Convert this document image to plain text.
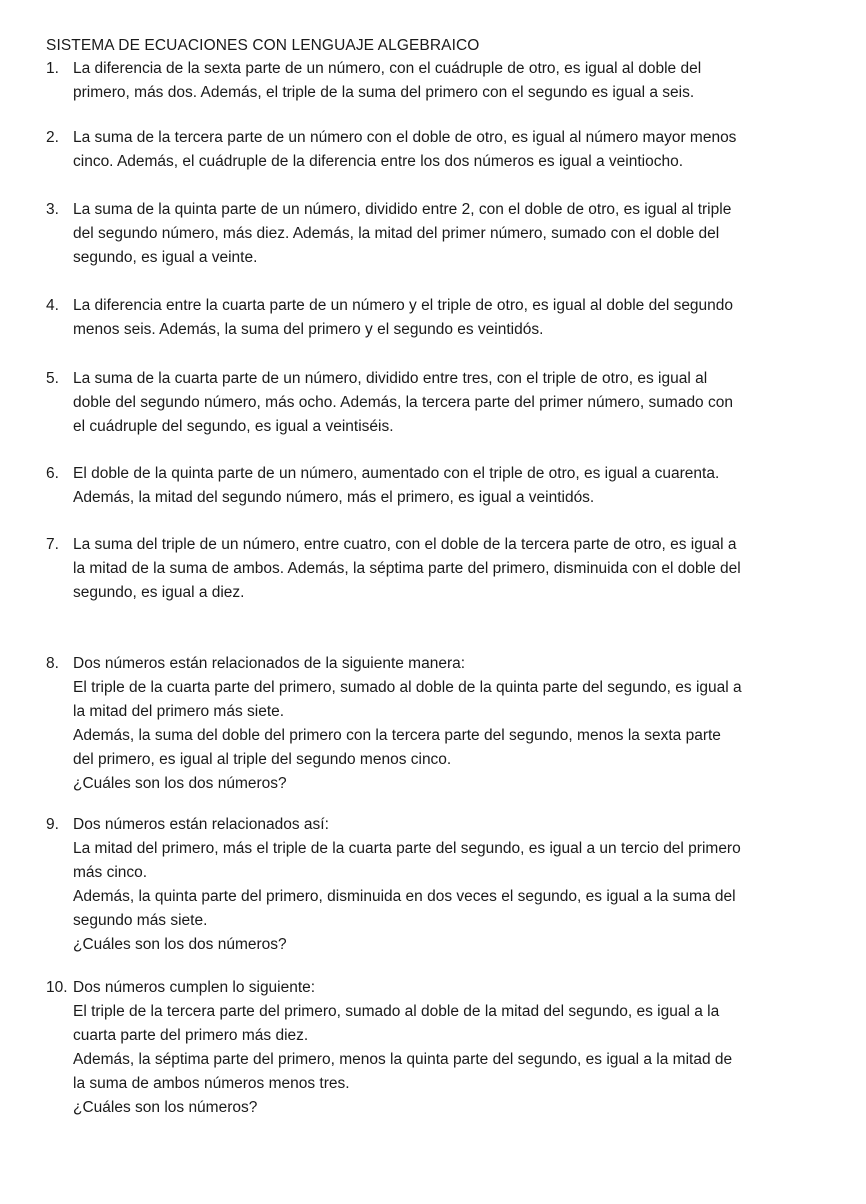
SISTEMA DE ECUACIONES CON LENGUAJE ALGEBRAICO
1. La diferencia de la sexta parte de un número, con el cuádruple de otro, es igual al doble del
primero, más dos. Además, el triple de la suma del primero con el segundo es igual a seis.
2. La suma de la tercera parte de un número con el doble de otro, es igual al número mayor menos
cinco. Además, el cuádruple de la diferencia entre los dos números es igual a veintiocho.
3. La suma de la quinta parte de un número, dividido entre 2, con el doble de otro, es igual al triple
del segundo número, más diez. Además, la mitad del primer número, sumado con el doble del
segundo, es igual a veinte.
4. La diferencia entre la cuarta parte de un número y el triple de otro, es igual al doble del segundo
menos seis. Además, la suma del primero y el segundo es veintidós.
5. La suma de la cuarta parte de un número, dividido entre tres, con el triple de otro, es igual al
doble del segundo número, más ocho. Además, la tercera parte del primer número, sumado con
el cuádruple del segundo, es igual a veintiséis.
6. El doble de la quinta parte de un número, aumentado con el triple de otro, es igual a cuarenta.
Además, la mitad del segundo número, más el primero, es igual a veintidós.
7. La suma del triple de un número, entre cuatro, con el doble de la tercera parte de otro, es igual a
la mitad de la suma de ambos. Además, la séptima parte del primero, disminuida con el doble del
segundo, es igual a diez.
8. Dos números están relacionados de la siguiente manera:
El triple de la cuarta parte del primero, sumado al doble de la quinta parte del segundo, es igual a
la mitad del primero más siete.
Además, la suma del doble del primero con la tercera parte del segundo, menos la sexta parte
del primero, es igual al triple del segundo menos cinco.
¿Cuáles son los dos números?
9. Dos números están relacionados así:
La mitad del primero, más el triple de la cuarta parte del segundo, es igual a un tercio del primero
más cinco.
Además, la quinta parte del primero, disminuida en dos veces el segundo, es igual a la suma del
segundo más siete.
¿Cuáles son los dos números?
10. Dos números cumplen lo siguiente:
El triple de la tercera parte del primero, sumado al doble de la mitad del segundo, es igual a la
cuarta parte del primero más diez.
Además, la séptima parte del primero, menos la quinta parte del segundo, es igual a la mitad de
la suma de ambos números menos tres.
¿Cuáles son los números?
